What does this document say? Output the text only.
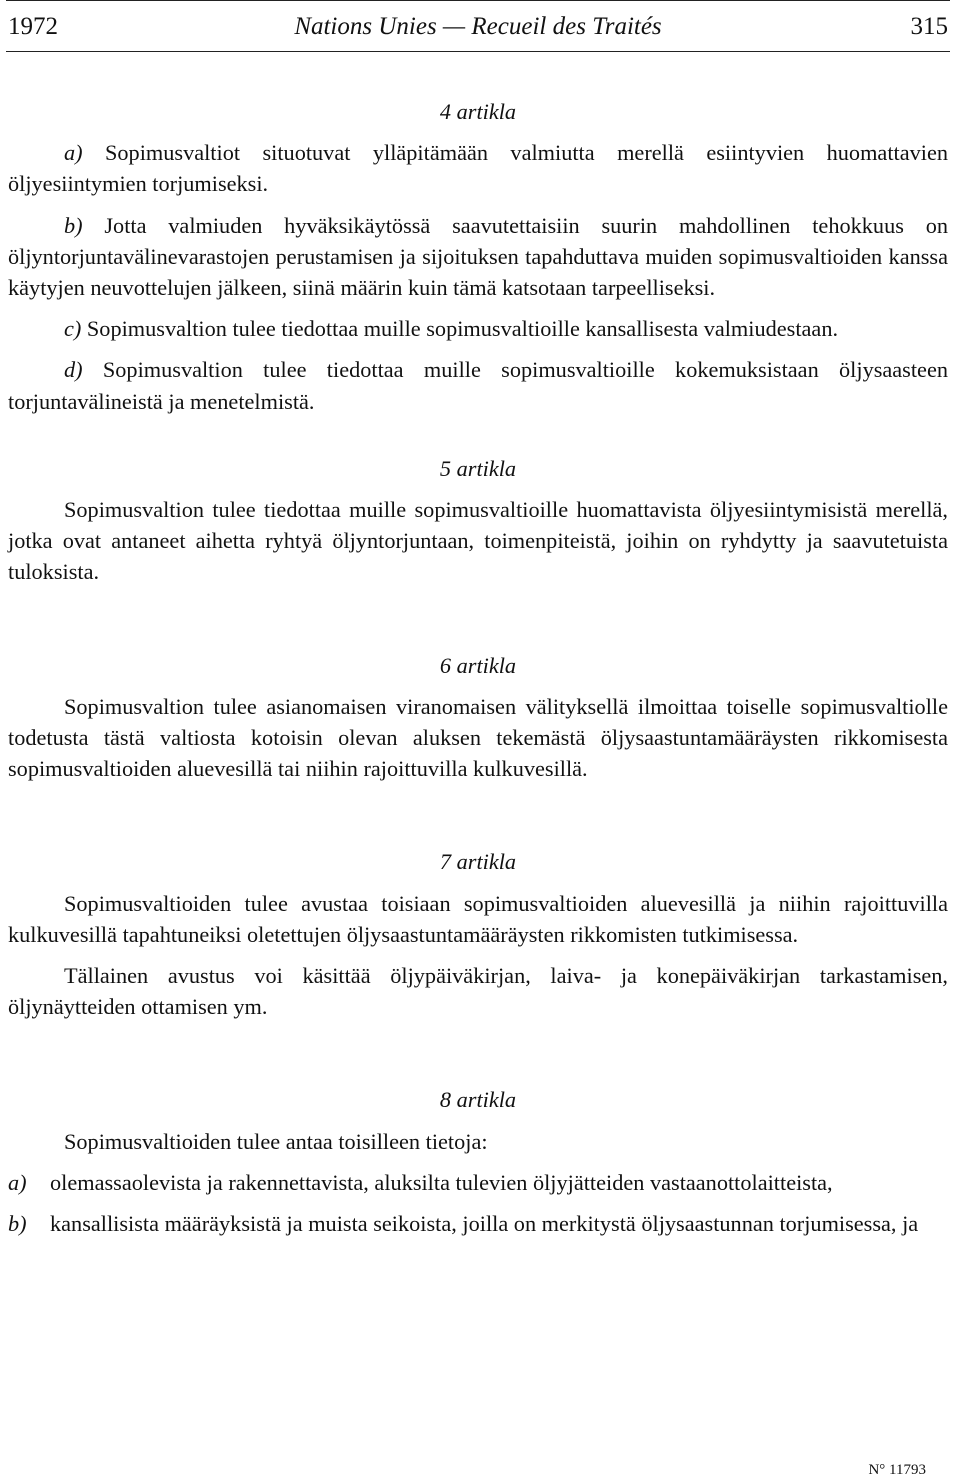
1972	Nations Unies — Recueil des Traités	315

4 artikla

a) Sopimusvaltiot situotuvat ylläpitämään valmiutta merellä esiintyvien huomattavien öljyesiintymien torjumiseksi.

b) Jotta valmiuden hyväksikäytössä saavutettaisiin suurin mahdollinen tehokkuus on öljyntorjuntavälinevarastojen perustamisen ja sijoituksen tapahduttava muiden sopimusvaltioiden kanssa käytyjen neuvottelujen jälkeen, siinä määrin kuin tämä katsotaan tarpeelliseksi.

c) Sopimusvaltion tulee tiedottaa muille sopimusvaltioille kansallisesta valmiudestaan.

d) Sopimusvaltion tulee tiedottaa muille sopimusvaltioille kokemuksistaan öljysaasteen torjuntavälineistä ja menetelmistä.

5 artikla

Sopimusvaltion tulee tiedottaa muille sopimusvaltioille huomattavista öljyesiintymisistä merellä, jotka ovat antaneet aihetta ryhtyä öljyntorjuntaan, toimenpiteistä, joihin on ryhdytty ja saavutetuista tuloksista.

6 artikla

Sopimusvaltion tulee asianomaisen viranomaisen välityksellä ilmoittaa toiselle sopimusvaltiolle todetusta tästä valtiosta kotoisin olevan aluksen tekemästä öljysaastuntamääräysten rikkomisesta sopimusvaltioiden aluevesillä tai niihin rajoittuvilla kulkuvesillä.

7 artikla

Sopimusvaltioiden tulee avustaa toisiaan sopimusvaltioiden aluevesillä ja niihin rajoittuvilla kulkuvesillä tapahtuneiksi oletettujen öljysaastuntamääräysten rikkomisten tutkimisessa.

Tällainen avustus voi käsittää öljypäiväkirjan, laiva- ja konepäiväkirjan tarkastamisen, öljynäytteiden ottamisen ym.

8 artikla

Sopimusvaltioiden tulee antaa toisilleen tietoja:

a) olemassaolevista ja rakennettavista, aluksilta tulevien öljyjätteiden vastaanottolaitteista,
b) kansallisista määräyksistä ja muista seikoista, joilla on merkitystä öljysaastunnan torjumisessa, ja
N° 11793
